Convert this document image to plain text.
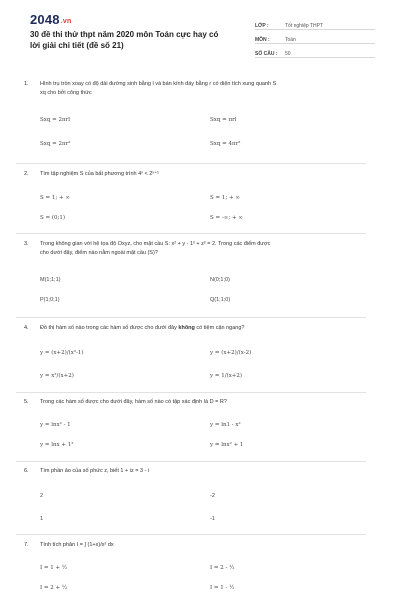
2048.vn
30 đề thi thử thpt năm 2020 môn Toán cực hay có lời giải chi tiết (đề số 21)
LỚP :	Tốt nghiệp THPT
MÔN :	Toán
SỐ CÂU :	50
1.	Hình trụ tròn xoay có độ dài đường sinh bằng l và bán kính đáy bằng r có diện tích xung quanh S
xq cho bởi công thức
Sxq = 2πrl	Sxq = πrl
Sxq = 2πr²	Sxq = 4πr²
2.	Tìm tập nghiệm S của bất phương trình 4ˣ < 2ˣ⁺¹
S = 1; + ∞	S = 1; + ∞
S = (0;1)	S = -∞; + ∞
3.	Trong không gian với hệ tọa độ Oxyz, cho mặt cầu S: x² + y - 1² + z² = 2. Trong các điểm được
cho dưới đây, điểm nào nằm ngoài mặt cầu (S)?
M(1;1;1)	N(0;1;0)
P(1;0;1)	Q(1;1;0)
4.	Đồ thị hàm số nào trong các hàm số được cho dưới đây không có tiệm cận ngang?
y = (x+2)/(x²-1)	y = (x+2)/(x-2)
y = x²/(x+2)	y = 1/(x+2)
5.	Trong các hàm số được cho dưới đây, hàm số nào có tập xác định là D = R?
y = lnx² - 1	y = ln1 - x²
y = lnx + 1²	y = lnx² + 1
6.	Tìm phần ảo của số phức z, biết 1 + iz = 3 - i
2	-2
1	-1
7.	Tính tích phân I = ∫ (1+x)/x² dx
I = 1 + ½	I = 2 - ½
I = 2 + ½	I = 1 - ½
